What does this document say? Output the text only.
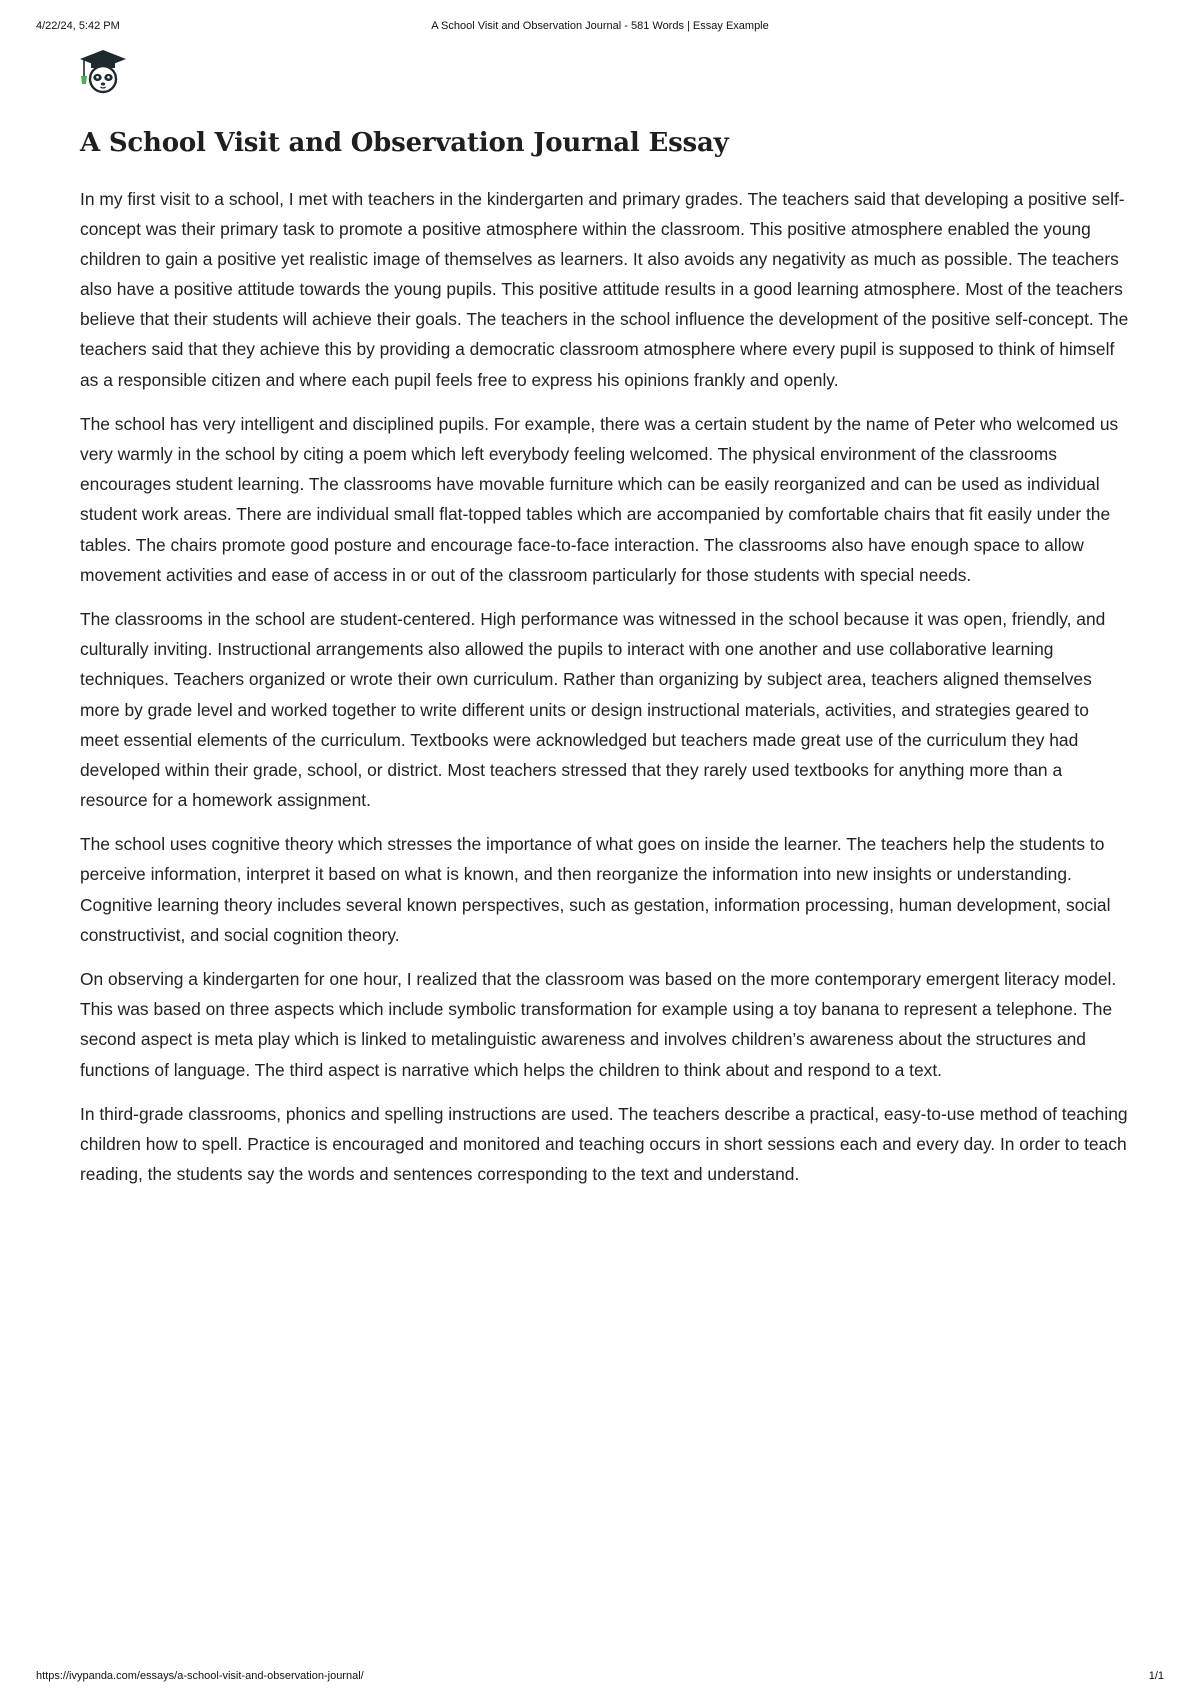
4/22/24, 5:42 PM	A School Visit and Observation Journal - 581 Words | Essay Example
A School Visit and Observation Journal Essay

In my first visit to a school, I met with teachers in the kindergarten and primary grades. The teachers said that developing a positive self-concept was their primary task to promote a positive atmosphere within the classroom. This positive atmosphere enabled the young children to gain a positive yet realistic image of themselves as learners. It also avoids any negativity as much as possible. The teachers also have a positive attitude towards the young pupils. This positive attitude results in a good learning atmosphere. Most of the teachers believe that their students will achieve their goals. The teachers in the school influence the development of the positive self-concept. The teachers said that they achieve this by providing a democratic classroom atmosphere where every pupil is supposed to think of himself as a responsible citizen and where each pupil feels free to express his opinions frankly and openly.

The school has very intelligent and disciplined pupils. For example, there was a certain student by the name of Peter who welcomed us very warmly in the school by citing a poem which left everybody feeling welcomed. The physical environment of the classrooms encourages student learning. The classrooms have movable furniture which can be easily reorganized and can be used as individual student work areas. There are individual small flat-topped tables which are accompanied by comfortable chairs that fit easily under the tables. The chairs promote good posture and encourage face-to-face interaction. The classrooms also have enough space to allow movement activities and ease of access in or out of the classroom particularly for those students with special needs.

The classrooms in the school are student-centered. High performance was witnessed in the school because it was open, friendly, and culturally inviting. Instructional arrangements also allowed the pupils to interact with one another and use collaborative learning techniques. Teachers organized or wrote their own curriculum. Rather than organizing by subject area, teachers aligned themselves more by grade level and worked together to write different units or design instructional materials, activities, and strategies geared to meet essential elements of the curriculum. Textbooks were acknowledged but teachers made great use of the curriculum they had developed within their grade, school, or district. Most teachers stressed that they rarely used textbooks for anything more than a resource for a homework assignment.

The school uses cognitive theory which stresses the importance of what goes on inside the learner. The teachers help the students to perceive information, interpret it based on what is known, and then reorganize the information into new insights or understanding. Cognitive learning theory includes several known perspectives, such as gestation, information processing, human development, social constructivist, and social cognition theory.

On observing a kindergarten for one hour, I realized that the classroom was based on the more contemporary emergent literacy model. This was based on three aspects which include symbolic transformation for example using a toy banana to represent a telephone. The second aspect is meta play which is linked to metalinguistic awareness and involves children’s awareness about the structures and functions of language. The third aspect is narrative which helps the children to think about and respond to a text.

In third-grade classrooms, phonics and spelling instructions are used. The teachers describe a practical, easy-to-use method of teaching children how to spell. Practice is encouraged and monitored and teaching occurs in short sessions each and every day. In order to teach reading, the students say the words and sentences corresponding to the text and understand.

https://ivypanda.com/essays/a-school-visit-and-observation-journal/	1/1
